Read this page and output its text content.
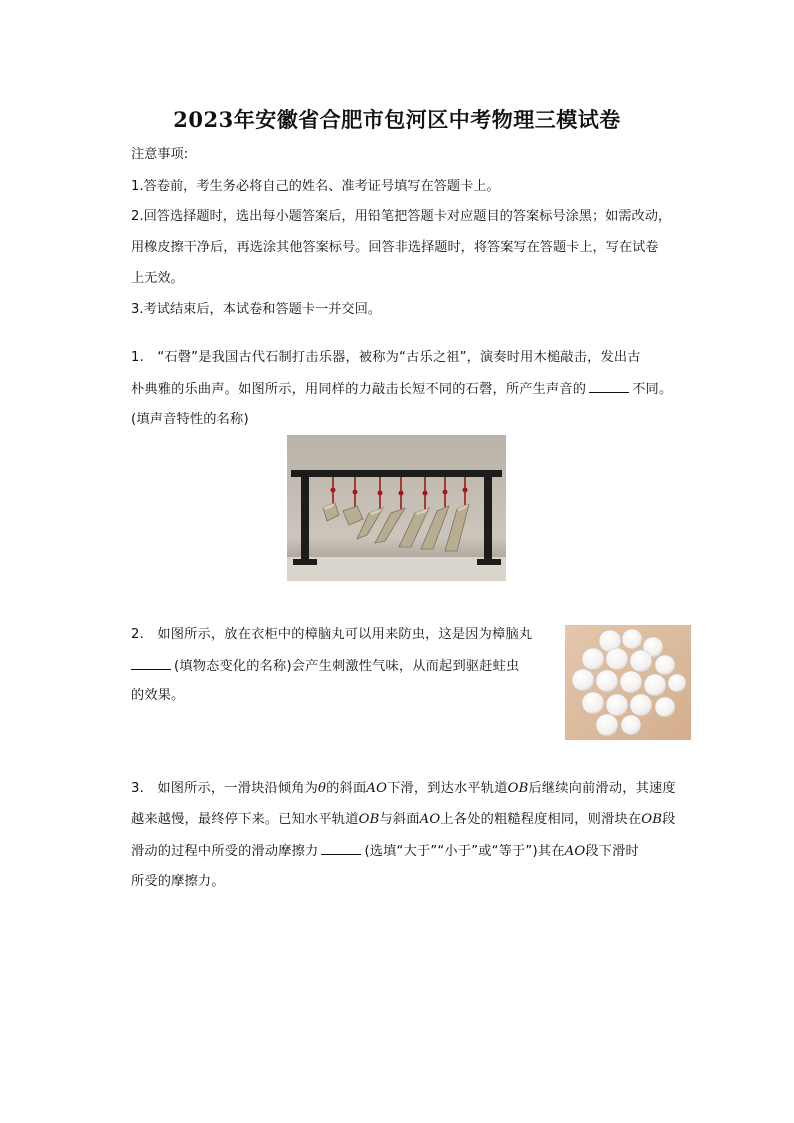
2023年安徽省合肥市包河区中考物理三模试卷
注意事项:
1.答卷前，考生务必将自己的姓名、准考证号填写在答题卡上。
2.回答选择题时，选出每小题答案后，用铅笔把答题卡对应题目的答案标号涂黑；如需改动，
用橡皮擦干净后，再选涂其他答案标号。回答非选择题时，将答案写在答题卡上，写在试卷
上无效。
3.考试结束后，本试卷和答题卡一并交回。
1.　“石磬”是我国古代石制打击乐器，被称为“古乐之祖”，演奏时用木槌敲击，发出古
朴典雅的乐曲声。如图所示，用同样的力敲击长短不同的石磬，所产生声音的	不同。
(填声音特性的名称)
2.　如图所示，放在衣柜中的樟脑丸可以用来防虫，这是因为樟脑丸
(填物态变化的名称)会产生刺激性气味，从而起到驱赶蛀虫
的效果。
3.　如图所示，一滑块沿倾角为θ的斜面AO下滑，到达水平轨道OB后继续向前滑动，其速度
越来越慢，最终停下来。已知水平轨道OB与斜面AO上各处的粗糙程度相同，则滑块在OB段
滑动的过程中所受的滑动摩擦力	(选填“大于”“小于”或“等于”)其在AO段下滑时
所受的摩擦力。
